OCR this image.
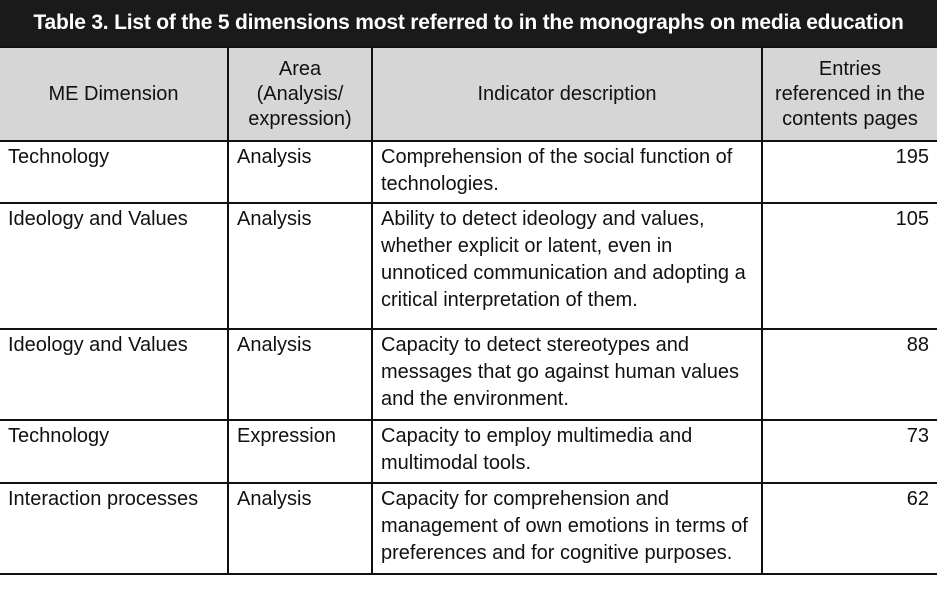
Table 3. List of the 5 dimensions most referred to in the monographs on media education
ME Dimension	Area (Analysis/ expression)	Indicator description	Entries referenced in the contents pages
Technology	Analysis	Comprehension of the social function of technologies.	195
Ideology and Values	Analysis	Ability to detect ideology and values, whether explicit or latent, even in unnoticed communication and adopting a critical interpretation of them.	105
Ideology and Values	Analysis	Capacity to detect stereotypes and messages that go against human values and the environment.	88
Technology	Expression	Capacity to employ multimedia and multimodal tools.	73
Interaction processes	Analysis	Capacity for comprehension and management of own emotions in terms of preferences and for cognitive purposes.	62
